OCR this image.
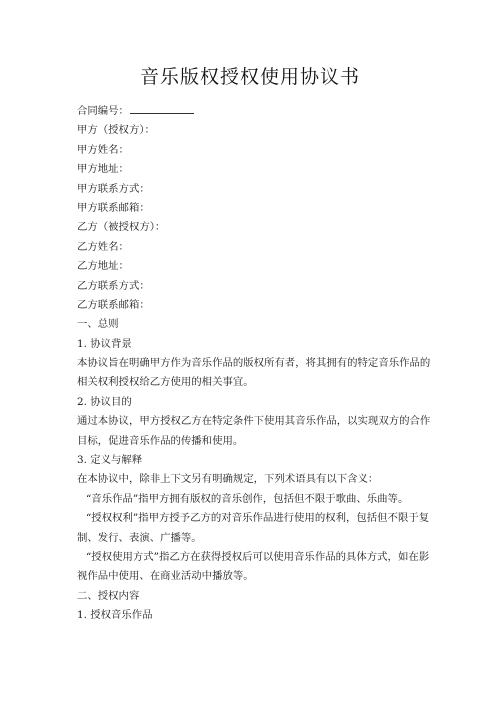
音乐版权授权使用协议书
合同编号：
甲方（授权方）：
甲方姓名：
甲方地址：
甲方联系方式：
甲方联系邮箱：
乙方（被授权方）：
乙方姓名：
乙方地址：
乙方联系方式：
乙方联系邮箱：
一、总则
1. 协议背景
本协议旨在明确甲方作为音乐作品的版权所有者，将其拥有的特定音乐作品的
相关权利授权给乙方使用的相关事宜。
2. 协议目的
通过本协议，甲方授权乙方在特定条件下使用其音乐作品，以实现双方的合作
目标，促进音乐作品的传播和使用。
3. 定义与解释
在本协议中，除非上下文另有明确规定，下列术语具有以下含义：
“音乐作品”指甲方拥有版权的音乐创作，包括但不限于歌曲、乐曲等。
“授权权利”指甲方授予乙方的对音乐作品进行使用的权利，包括但不限于复
制、发行、表演、广播等。
“授权使用方式”指乙方在获得授权后可以使用音乐作品的具体方式，如在影
视作品中使用、在商业活动中播放等。
二、授权内容
1. 授权音乐作品
